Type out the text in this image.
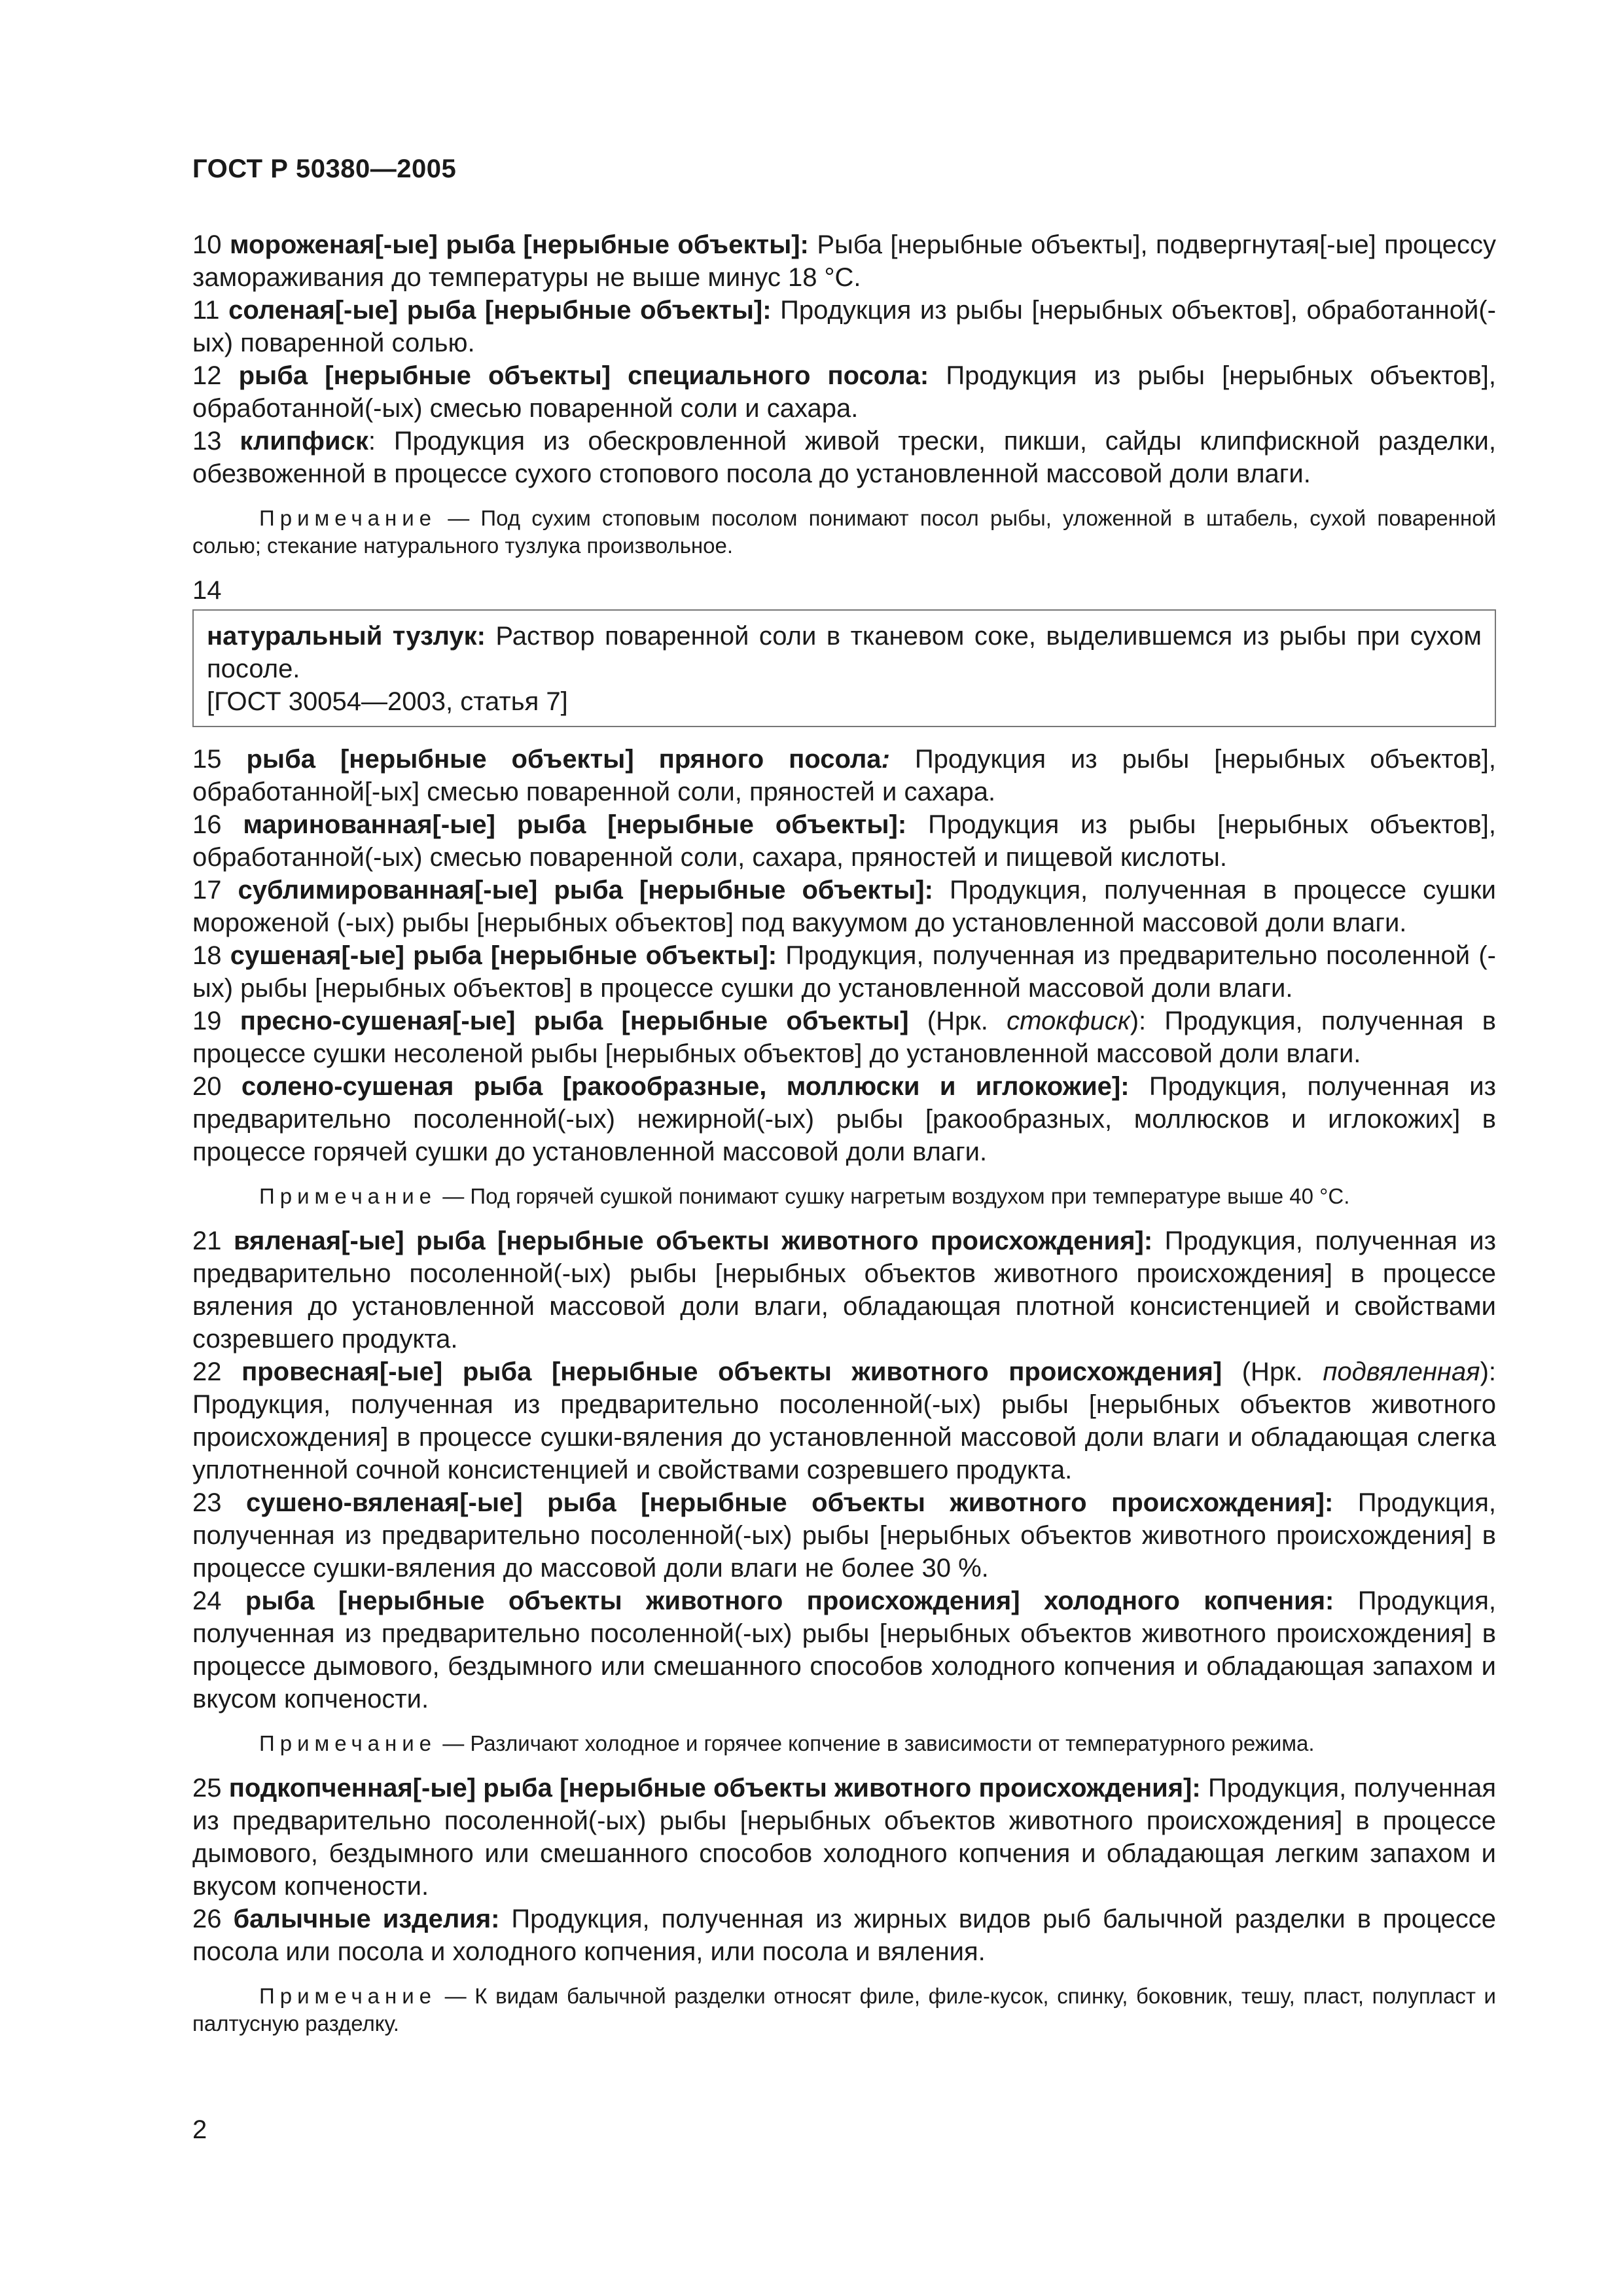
ГОСТ Р 50380—2005

10 мороженая[-ые] рыба [нерыбные объекты]: Рыба [нерыбные объекты], подвергнутая[-ые] процессу замораживания до температуры не выше минус 18 °С.

11 соленая[-ые] рыба [нерыбные объекты]: Продукция из рыбы [нерыбных объектов], обработанной(-ых) поваренной солью.

12 рыба [нерыбные объекты] специального посола: Продукция из рыбы [нерыбных объектов], обработанной(-ых) смесью поваренной соли и сахара.

13 клипфиск: Продукция из обескровленной живой трески, пикши, сайды клипфискной разделки, обезвоженной в процессе сухого стопового посола до установленной массовой доли влаги.

Примечание — Под сухим стоповым посолом понимают посол рыбы, уложенной в штабель, сухой поваренной солью; стекание натурального тузлука произвольное.

14
натуральный тузлук: Раствор поваренной соли в тканевом соке, выделившемся из рыбы при сухом посоле.
[ГОСТ 30054—2003, статья 7]

15 рыба [нерыбные объекты] пряного посола: Продукция из рыбы [нерыбных объектов], обработанной[-ых] смесью поваренной соли, пряностей и сахара.

16 маринованная[-ые] рыба [нерыбные объекты]: Продукция из рыбы [нерыбных объектов], обработанной(-ых) смесью поваренной соли, сахара, пряностей и пищевой кислоты.

17 сублимированная[-ые] рыба [нерыбные объекты]: Продукция, полученная в процессе сушки мороженой (-ых) рыбы [нерыбных объектов] под вакуумом до установленной массовой доли влаги.

18 сушеная[-ые] рыба [нерыбные объекты]: Продукция, полученная из предварительно посоленной (-ых) рыбы [нерыбных объектов] в процессе сушки до установленной массовой доли влаги.

19 пресно-сушеная[-ые] рыба [нерыбные объекты] (Нрк. стокфиск): Продукция, полученная в процессе сушки несоленой рыбы [нерыбных объектов] до установленной массовой доли влаги.

20 солено-сушеная рыба [ракообразные, моллюски и иглокожие]: Продукция, полученная из предварительно посоленной(-ых) нежирной(-ых) рыбы [ракообразных, моллюсков и иглокожих] в процессе горячей сушки до установленной массовой доли влаги.

Примечание — Под горячей сушкой понимают сушку нагретым воздухом при температуре выше 40 °С.

21 вяленая[-ые] рыба [нерыбные объекты животного происхождения]: Продукция, полученная из предварительно посоленной(-ых) рыбы [нерыбных объектов животного происхождения] в процессе вяления до установленной массовой доли влаги, обладающая плотной консистенцией и свойствами созревшего продукта.

22 провесная[-ые] рыба [нерыбные объекты животного происхождения] (Нрк. подвяленная): Продукция, полученная из предварительно посоленной(-ых) рыбы [нерыбных объектов животного происхождения] в процессе сушки-вяления до установленной массовой доли влаги и обладающая слегка уплотненной сочной консистенцией и свойствами созревшего продукта.

23 сушено-вяленая[-ые] рыба [нерыбные объекты животного происхождения]: Продукция, полученная из предварительно посоленной(-ых) рыбы [нерыбных объектов животного происхождения] в процессе сушки-вяления до массовой доли влаги не более 30 %.

24 рыба [нерыбные объекты животного происхождения] холодного копчения: Продукция, полученная из предварительно посоленной(-ых) рыбы [нерыбных объектов животного происхождения] в процессе дымового, бездымного или смешанного способов холодного копчения и обладающая запахом и вкусом копчености.

Примечание — Различают холодное и горячее копчение в зависимости от температурного режима.

25 подкопченная[-ые] рыба [нерыбные объекты животного происхождения]: Продукция, полученная из предварительно посоленной(-ых) рыбы [нерыбных объектов животного происхождения] в процессе дымового, бездымного или смешанного способов холодного копчения и обладающая легким запахом и вкусом копчености.

26 балычные изделия: Продукция, полученная из жирных видов рыб балычной разделки в процессе посола или посола и холодного копчения, или посола и вяления.

Примечание — К видам балычной разделки относят филе, филе-кусок, спинку, боковник, тешу, пласт, полупласт и палтусную разделку.

2
